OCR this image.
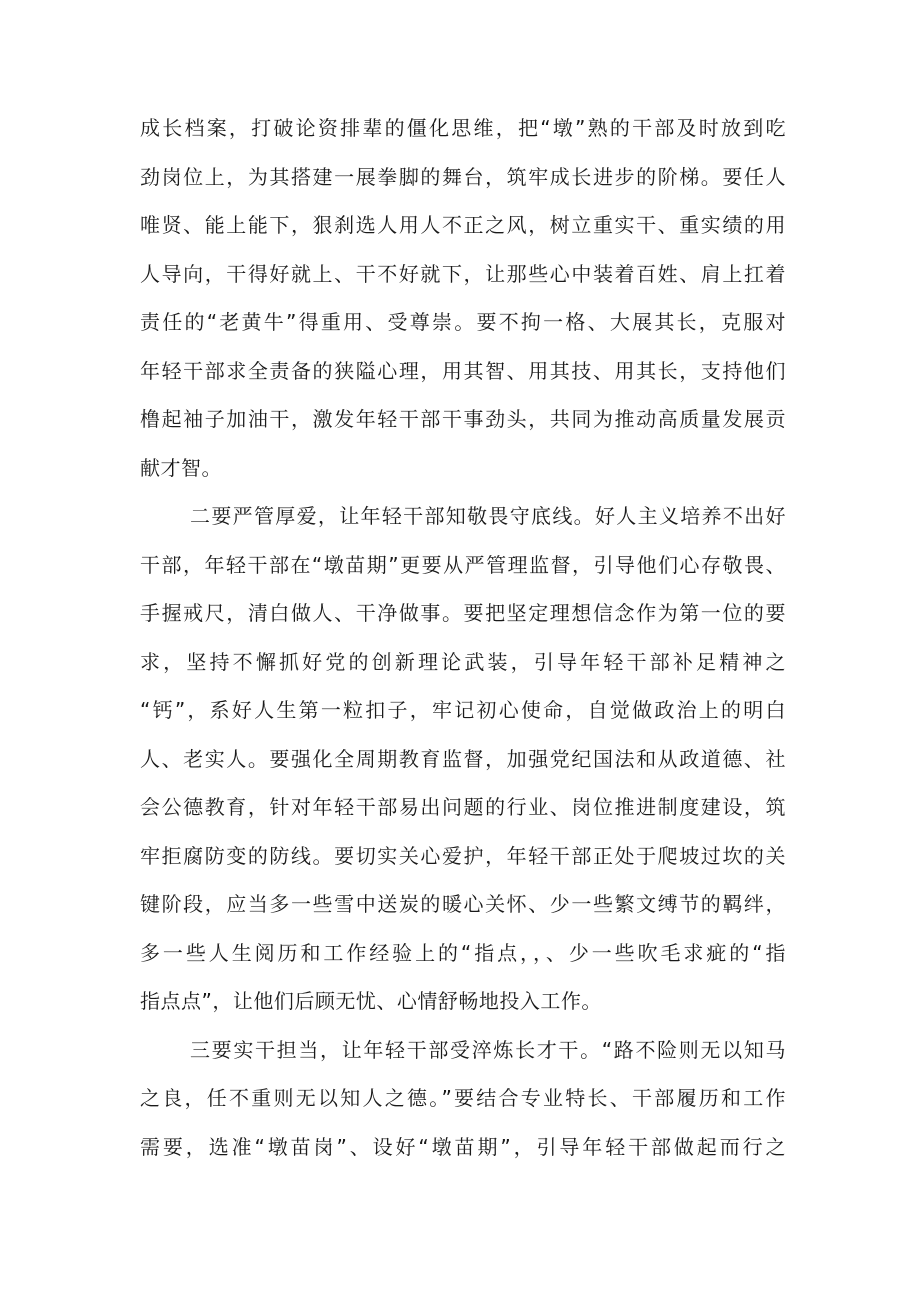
成长档案，打破论资排辈的僵化思维，把“墩”熟的干部及时放到吃
劲岗位上，为其搭建一展拳脚的舞台，筑牢成长进步的阶梯。要任人
唯贤、能上能下，狠刹选人用人不正之风，树立重实干、重实绩的用
人导向，干得好就上、干不好就下，让那些心中装着百姓、肩上扛着
责任的“老黄牛”得重用、受尊崇。要不拘一格、大展其长，克服对
年轻干部求全责备的狭隘心理，用其智、用其技、用其长，支持他们
橹起袖子加油干，激发年轻干部干事劲头，共同为推动高质量发展贡
献才智。
二要严管厚爱，让年轻干部知敬畏守底线。好人主义培养不出好
干部，年轻干部在“墩苗期”更要从严管理监督，引导他们心存敬畏、
手握戒尺，清白做人、干净做事。要把坚定理想信念作为第一位的要
求，坚持不懈抓好党的创新理论武装，引导年轻干部补足精神之
“钙”，系好人生第一粒扣子，牢记初心使命，自觉做政治上的明白
人、老实人。要强化全周期教育监督，加强党纪国法和从政道德、社
会公德教育，针对年轻干部易出问题的行业、岗位推进制度建设，筑
牢拒腐防变的防线。要切实关心爱护，年轻干部正处于爬坡过坎的关
键阶段，应当多一些雪中送炭的暖心关怀、少一些繁文缚节的羁绊，
多一些人生阅历和工作经验上的“指点，，、少一些吹毛求疵的“指
指点点”，让他们后顾无忧、心情舒畅地投入工作。
三要实干担当，让年轻干部受淬炼长才干。“路不险则无以知马
之良，任不重则无以知人之德。”要结合专业特长、干部履历和工作
需要，选准“墩苗岗”、设好“墩苗期”，引导年轻干部做起而行之
